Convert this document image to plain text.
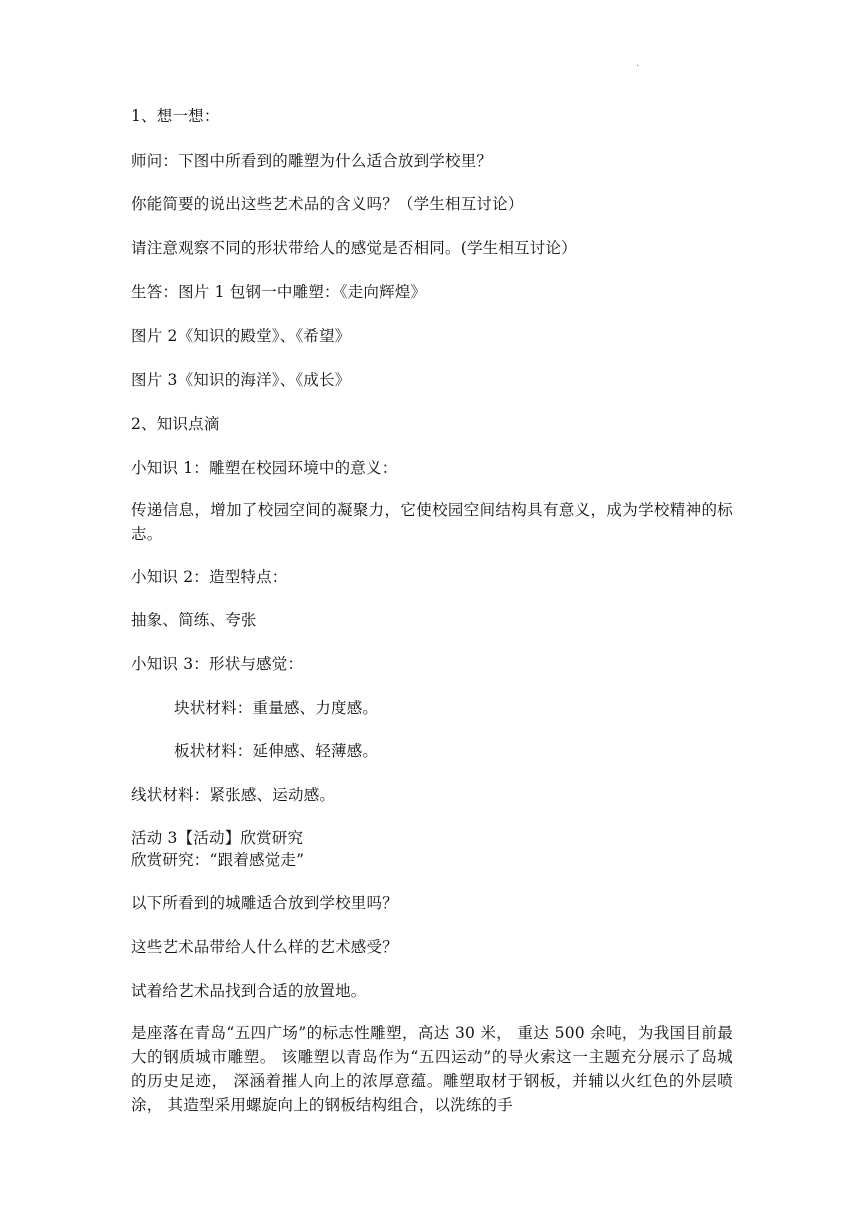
.
1、想一想：
师问：下图中所看到的雕塑为什么适合放到学校里？
你能简要的说出这些艺术品的含义吗？（学生相互讨论）
请注意观察不同的形状带给人的感觉是否相同。(学生相互讨论）
生答：图片 1 包钢一中雕塑：《走向辉煌》
图片 2《知识的殿堂》、《希望》
图片 3《知识的海洋》、《成长》
2、知识点滴
小知识 1：雕塑在校园环境中的意义：
传递信息，增加了校园空间的凝聚力，它使校园空间结构具有意义，成为学校精神的标志。
小知识 2：造型特点：
抽象、简练、夸张
小知识 3：形状与感觉：
块状材料：重量感、力度感。
板状材料：延伸感、轻薄感。
线状材料：紧张感、运动感。
活动 3【活动】欣赏研究
欣赏研究：“跟着感觉走”
以下所看到的城雕适合放到学校里吗？
这些艺术品带给人什么样的艺术感受？
试着给艺术品找到合适的放置地。
是座落在青岛“五四广场”的标志性雕塑，高达 30 米， 重达 500 余吨，为我国目前最大的钢质城市雕塑。 该雕塑以青岛作为“五四运动”的导火索这一主题充分展示了岛城的历史足迹， 深涵着摧人向上的浓厚意蕴。雕塑取材于钢板，并辅以火红色的外层喷涂， 其造型采用螺旋向上的钢板结构组合，以洗练的手
